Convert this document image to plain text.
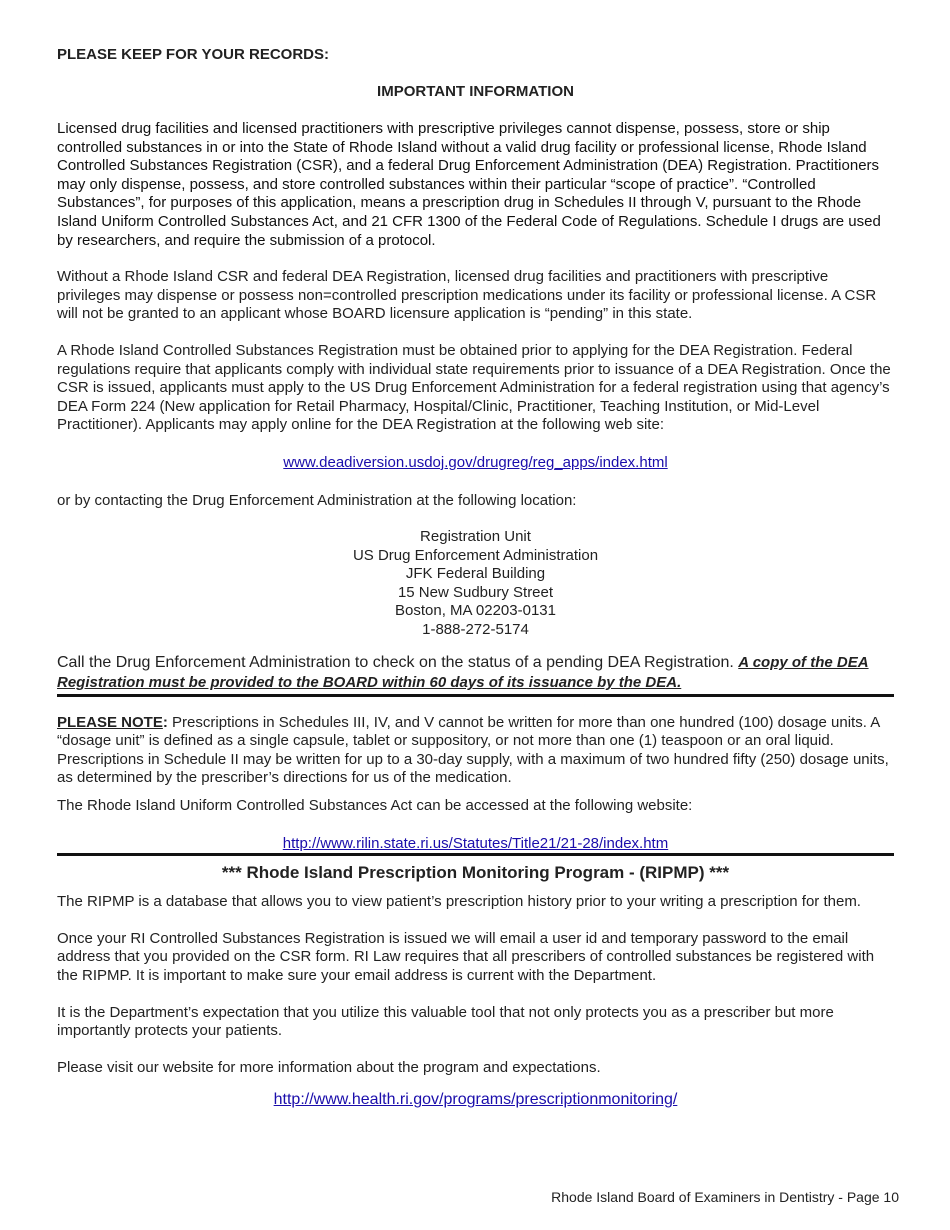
PLEASE KEEP FOR YOUR RECORDS:
IMPORTANT INFORMATION

Licensed drug facilities and licensed practitioners with prescriptive privileges cannot dispense, possess, store or ship controlled substances in or into the State of Rhode Island without a valid drug facility or professional license, Rhode Island Controlled Substances Registration (CSR), and a federal Drug Enforcement Administration (DEA) Registration. Practitioners may only dispense, possess, and store controlled substances within their particular “scope of practice”. “Controlled Substances”, for purposes of this application, means a prescription drug in Schedules II through V, pursuant to the Rhode Island Uniform Controlled Substances Act, and 21 CFR 1300 of the Federal Code of Regulations. Schedule I drugs are used by researchers, and require the submission of a protocol.

Without a Rhode Island CSR and federal DEA Registration, licensed drug facilities and practitioners with prescriptive privileges may dispense or possess non=controlled prescription medications under its facility or professional license. A CSR will not be granted to an applicant whose BOARD licensure application is “pending” in this state.

A Rhode Island Controlled Substances Registration must be obtained prior to applying for the DEA Registration. Federal regulations require that applicants comply with individual state requirements prior to issuance of a DEA Registration. Once the CSR is issued, applicants must apply to the US Drug Enforcement Administration for a federal registration using that agency’s DEA Form 224 (New application for Retail Pharmacy, Hospital/Clinic, Practitioner, Teaching Institution, or Mid-Level Practitioner). Applicants may apply online for the DEA Registration at the following web site:

www.deadiversion.usdoj.gov/drugreg/reg_apps/index.html

or by contacting the Drug Enforcement Administration at the following location:

Registration Unit
US Drug Enforcement Administration
JFK Federal Building
15 New Sudbury Street
Boston, MA 02203-0131
1-888-272-5174

Call the Drug Enforcement Administration to check on the status of a pending DEA Registration. A copy of the DEA Registration must be provided to the BOARD within 60 days of its issuance by the DEA.

PLEASE NOTE: Prescriptions in Schedules III, IV, and V cannot be written for more than one hundred (100) dosage units. A “dosage unit” is defined as a single capsule, tablet or suppository, or not more than one (1) teaspoon or an oral liquid. Prescriptions in Schedule II may be written for up to a 30-day supply, with a maximum of two hundred fifty (250) dosage units, as determined by the prescriber’s directions for us of the medication.

The Rhode Island Uniform Controlled Substances Act can be accessed at the following website:

http://www.rilin.state.ri.us/Statutes/Title21/21-28/index.htm
*** Rhode Island Prescription Monitoring Program - (RIPMP) ***

The RIPMP is a database that allows you to view patient’s prescription history prior to your writing a prescription for them.

Once your RI Controlled Substances Registration is issued we will email a user id and temporary password to the email address that you provided on the CSR form. RI Law requires that all prescribers of controlled substances be registered with the RIPMP. It is important to make sure your email address is current with the Department.

It is the Department’s expectation that you utilize this valuable tool that not only protects you as a prescriber but more importantly protects your patients.

Please visit our website for more information about the program and expectations.

http://www.health.ri.gov/programs/prescriptionmonitoring/
Rhode Island Board of Examiners in Dentistry - Page 10
